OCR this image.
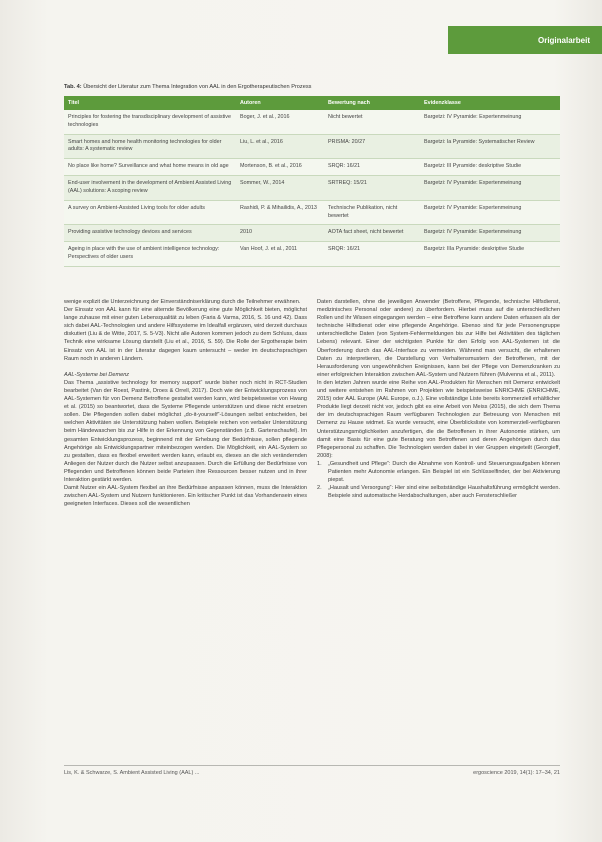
Originalarbeit
Tab. 4: Übersicht der Literatur zum Thema Integration von AAL in den Ergotherapeutischen Prozess
Titel	Autoren	Bewertung nach	Evidenzklasse
Principles for fostering the transdisciplinary development of assistive technologies	Boger, J. et al., 2016	Nicht bewertet	Bargetzi: IV Pyramide: Expertenmeinung
Smart homes and home health monitoring technologies for older adults: A systematic review	Liu, L. et al., 2016	PRISMA: 20/27	Bargetzi: Ia Pyramide: Systematischer Review
No place like home? Surveillance and what home means in old age	Mortenson, B. et al., 2016	SRQR: 16/21	Bargetzi: III Pyramide: deskriptive Studie
End-user involvement in the development of Ambient Assisted Living (AAL) solutions: A scoping review	Sommer, W., 2014	SRTREQ: 15/21	Bargetzi: IV Pyramide: Expertenmeinung
A survey on Ambient-Assisted Living tools for older adults	Rashidi, P. & Mihailidis, A., 2013	Technische Publikation, nicht bewertet	Bargetzi: IV Pyramide: Expertenmeinung
Providing assistive technology devices and services	2010	AOTA fact sheet, nicht bewertet	Bargetzi: IV Pyramide: Expertenmeinung
Ageing in place with the use of ambient intelligence technology: Perspectives of older users	Van Hoof, J. et al., 2011	SRQR: 16/21	Bargetzi: IIIa Pyramide: deskriptive Studie

wenige explizit die Unterzeichnung der Einverständniserklärung durch die Teilnehmer erwähnen.

Der Einsatz von AAL kann für eine alternde Bevölkerung eine gute Möglichkeit bieten, möglichst lange zuhause mit einer guten Lebensqualität zu leben (Faria & Varma, 2016, S. 16 und 42). Dass sich dabei AAL-Technologien und andere Hilfssysteme im Idealfall ergänzen, wird derzeit durchaus diskutiert (Liu & de Witte, 2017, S. 5-V3). Nicht alle Autoren kommen jedoch zu dem Schluss, dass Technik eine wirksame Lösung darstellt (Liu et al., 2016, S. 59). Die Rolle der Ergotherapie beim Einsatz von AAL ist in der Literatur dagegen kaum untersucht – weder im deutschsprachigen Raum noch in anderen Ländern.

AAL-Systeme bei Demenz

Das Thema „assistive technology for memory support“ wurde bisher noch nicht in RCT-Studien bearbeitet (Van der Roest, Pastink, Droes & Orrell, 2017). Doch wie der Entwicklungsprozess von AAL-Systemen für von Demenz Betroffene gestaltet werden kann, wird beispielsweise von Hwang et al. (2015) so beantwortet, dass die Systeme Pflegende unterstützen und diese nicht ersetzen sollen. Die Pflegenden sollen dabei möglichst „do-it-yourself“-Lösungen selbst entscheiden, bei welchen Aktivitäten sie Unterstützung haben wollen. Beispiele reichen von verbaler Unterstützung beim Händewaschen bis zur Hilfe in der Erkennung von Gegenständen (z.B. Gartenschaufel). Im gesamten Entwicklungsprozess, beginnend mit der Erhebung der Bedürfnisse, sollen pflegende Angehörige als Entwicklungspartner miteinbezogen werden. Die Möglichkeit, ein AAL-System so zu gestalten, dass es flexibel erweitert werden kann, erlaubt es, dieses an die sich verändernden Anliegen der Nutzer durch die Nutzer selbst anzupassen. Durch die Erfüllung der Bedürfnisse von Pflegenden und Betroffenen können beide Parteien ihre Ressourcen besser nutzen und in ihrer Interaktion gestärkt werden.

Damit Nutzer ein AAL-System flexibel an ihre Bedürfnisse anpassen können, muss die Interaktion zwischen AAL-System und Nutzern funktionieren. Ein kritischer Punkt ist das Vorhandensein eines geeigneten Interfaces. Dieses soll die wesentlichen

Daten darstellen, ohne die jeweiligen Anwender (Betroffene, Pflegende, technische Hilfsdienst, medizinisches Personal oder andere) zu überfordern. Hierbei muss auf die unterschiedlichen Rollen und ihr Wissen eingegangen werden – eine Betroffene kann andere Daten erfassen als der technische Hilfsdienst oder eine pflegende Angehörige. Ebenso sind für jede Personengruppe unterschiedliche Daten (von System-Fehlermeldungen bis zur Hilfe bei Aktivitäten des täglichen Lebens) relevant. Einer der wichtigsten Punkte für den Erfolg von AAL-Systemen ist die Überforderung durch das AAL-Interface zu vermeiden. Während man versucht, die erhaltenen Daten zu interpretieren, die Darstellung von Verhaltensmustern der Betroffenen, mit der Herausforderung von ungewöhnlichen Ereignissen, kann bei der Pflege von Demenzkranken zu einer erfolgreichen Interaktion zwischen AAL-System und Nutzern führen (Mulvenna et al., 2011).

In den letzten Jahren wurde eine Reihe von AAL-Produkten für Menschen mit Demenz entwickelt und weitere entstehen im Rahmen von Projekten wie beispielsweise ENRICHME (ENRICHME, 2015) oder AAL Europe (AAL Europe, o.J.). Eine vollständige Liste bereits kommerziell erhältlicher Produkte liegt derzeit nicht vor, jedoch gibt es eine Arbeit von Meiss (2015), die sich dem Thema der im deutschsprachigen Raum verfügbaren Technologien zur Betreuung von Menschen mit Demenz zu Hause widmet. Es wurde versucht, eine Überblicksliste von kommerziell-verfügbaren Unterstützungsmöglichkeiten anzufertigen, die die Betroffenen in ihrer Autonomie stärken, um damit eine Basis für eine gute Beratung von Betroffenen und deren Angehörigen durch das Pflegepersonal zu schaffen. Die Technologien werden dabei in vier Gruppen eingeteilt (Georgieff, 2008):

1.	„Gesundheit und Pflege“: Durch die Abnahme von Kontroll- und Steuerungsaufgaben können Patienten mehr Autonomie erlangen. Ein Beispiel ist ein Schlüsselfinder, der bei Aktivierung piepst.
2.	„Hausalt und Versorgung“: Hier sind eine selbstständige Haushaltsführung ermöglicht werden. Beispiele sind automatische Herdabschaltungen, aber auch Fensterschließer
Lis, K. & Schwarze, S. Ambient Assisted Living (AAL) ...	ergoscience 2019, 14(1): 17–34, 21
